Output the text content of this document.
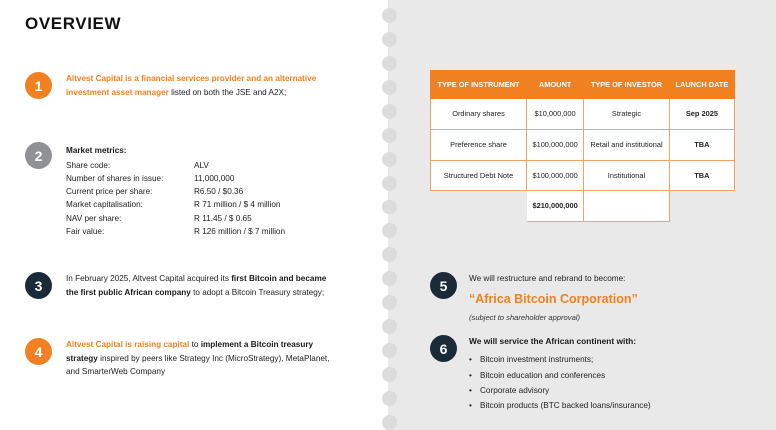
OVERVIEW
1	Altvest Capital is a financial services provider and an alternative investment asset manager listed on both the JSE and A2X;
2	Market metrics:
Share code:	ALV
Number of shares in issue:	11,000,000
Current price per share:	R6.50 / $0.36
Market capitalisation:	R 71 million / $ 4 million
NAV per share:	R 11.45 / $ 0.65
Fair value:	R 126 million / $ 7 million
3	In February 2025, Altvest Capital acquired its first Bitcoin and became the first public African company to adopt a Bitcoin Treasury strategy;
4	Altvest Capital is raising capital to implement a Bitcoin treasury strategy inspired by peers like Strategy Inc (MicroStrategy), MetaPlanet, and SmarterWeb Company
TYPE OF INSTRUMENT	AMOUNT	TYPE OF INVESTOR	LAUNCH DATE
Ordinary shares	$10,000,000	Strategic	Sep 2025
Preference share	$100,000,000	Retail and institutional	TBA
Structured Debt Note	$100,000,000	Institutional	TBA
	$210,000,000		
5	We will restructure and rebrand to become:
“Africa Bitcoin Corporation”
(subject to shareholder approval)
6	We will service the African continent with:
• Bitcoin investment instruments;
• Bitcoin education and conferences
• Corporate advisory
• Bitcoin products (BTC backed loans/insurance)
